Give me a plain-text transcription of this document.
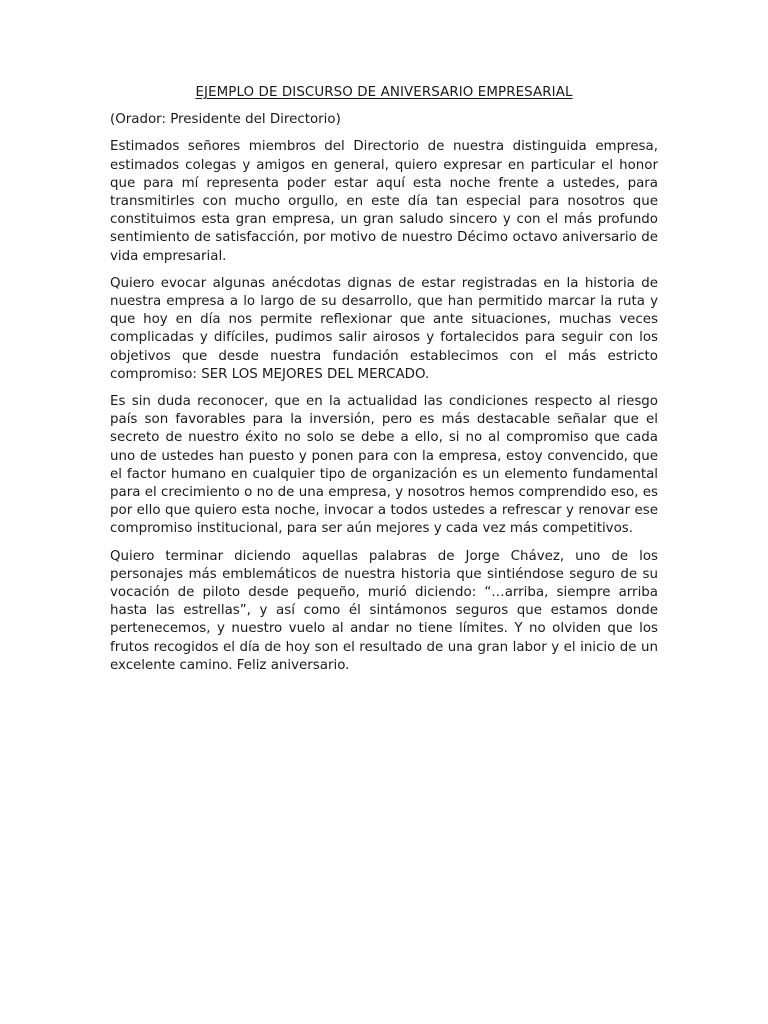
EJEMPLO DE DISCURSO DE ANIVERSARIO EMPRESARIAL

(Orador: Presidente del Directorio)

Estimados señores miembros del Directorio de nuestra distinguida empresa, estimados colegas y amigos en general, quiero expresar en particular el honor que para mí representa poder estar aquí esta noche frente a ustedes, para transmitirles con mucho orgullo, en este día tan especial para nosotros que constituimos esta gran empresa, un gran saludo sincero y con el más profundo sentimiento de satisfacción, por motivo de nuestro Décimo octavo aniversario de vida empresarial.

Quiero evocar algunas anécdotas dignas de estar registradas en la historia de nuestra empresa a lo largo de su desarrollo, que han permitido marcar la ruta y que hoy en día nos permite reflexionar que ante situaciones, muchas veces complicadas y difíciles, pudimos salir airosos y fortalecidos para seguir con los objetivos que desde nuestra fundación establecimos con el más estricto compromiso: SER LOS MEJORES DEL MERCADO.

Es sin duda reconocer, que en la actualidad las condiciones respecto al riesgo país son favorables para la inversión, pero es más destacable señalar que el secreto de nuestro éxito no solo se debe a ello, si no al compromiso que cada uno de ustedes han puesto y ponen para con la empresa, estoy convencido, que el factor humano en cualquier tipo de organización es un elemento fundamental para el crecimiento o no de una empresa, y nosotros hemos comprendido eso, es por ello que quiero esta noche, invocar a todos ustedes a refrescar y renovar ese compromiso institucional, para ser aún mejores y cada vez más competitivos.

Quiero terminar diciendo aquellas palabras de Jorge Chávez, uno de los personajes más emblemáticos de nuestra historia que sintiéndose seguro de su vocación de piloto desde pequeño, murió diciendo: “…arriba, siempre arriba hasta las estrellas”, y así como él sintámonos seguros que estamos donde pertenecemos, y nuestro vuelo al andar no tiene límites. Y no olviden que los frutos recogidos el día de hoy son el resultado de una gran labor y el inicio de un excelente camino. Feliz aniversario.
